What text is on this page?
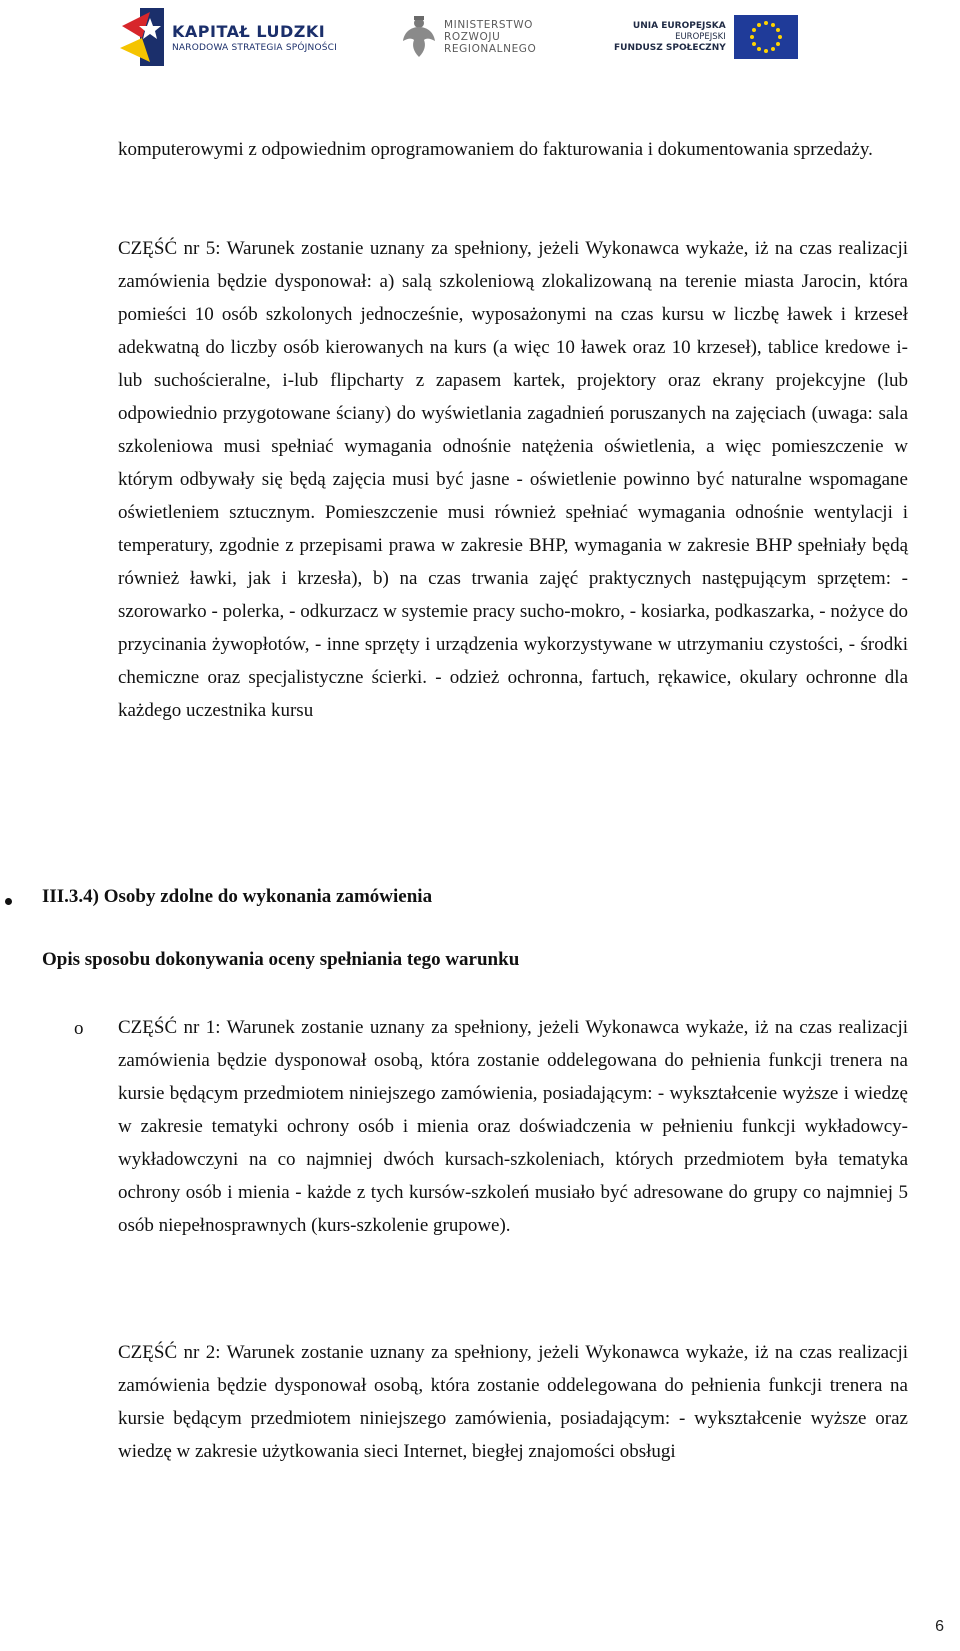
KAPITAŁ LUDZKI
NARODOWA STRATEGIA SPÓJNOŚCI
MINISTERSTWO
ROZWOJU
REGIONALNEGO
UNIA EUROPEJSKA
EUROPEJSKI
FUNDUSZ SPOŁECZNY
komputerowymi z odpowiednim oprogramowaniem do fakturowania i dokumentowania sprzedaży.
CZĘŚĆ nr 5: Warunek zostanie uznany za spełniony, jeżeli Wykonawca wykaże, iż na czas realizacji zamówienia będzie dysponował: a) salą szkoleniową zlokalizowaną na terenie miasta Jarocin, która pomieści 10 osób szkolonych jednocześnie, wyposażonymi na czas kursu w liczbę ławek i krzeseł adekwatną do liczby osób kierowanych na kurs (a więc 10 ławek oraz 10 krzeseł), tablice kredowe i-lub suchościeralne, i-lub flipcharty z zapasem kartek, projektory oraz ekrany projekcyjne (lub odpowiednio przygotowane ściany) do wyświetlania zagadnień poruszanych na zajęciach (uwaga: sala szkoleniowa musi spełniać wymagania odnośnie natężenia oświetlenia, a więc pomieszczenie w którym odbywały się będą zajęcia musi być jasne - oświetlenie powinno być naturalne wspomagane oświetleniem sztucznym. Pomieszczenie musi również spełniać wymagania odnośnie wentylacji i temperatury, zgodnie z przepisami prawa w zakresie BHP, wymagania w zakresie BHP spełniały będą również ławki, jak i krzesła), b) na czas trwania zajęć praktycznych następującym sprzętem: - szorowarko - polerka, - odkurzacz w systemie pracy sucho-mokro, - kosiarka, podkaszarka, - nożyce do przycinania żywopłotów, - inne sprzęty i urządzenia wykorzystywane w utrzymaniu czystości, - środki chemiczne oraz specjalistyczne ścierki. - odzież ochronna, fartuch, rękawice, okulary ochronne dla każdego uczestnika kursu
III.3.4) Osoby zdolne do wykonania zamówienia
Opis sposobu dokonywania oceny spełniania tego warunku
o CZĘŚĆ nr 1: Warunek zostanie uznany za spełniony, jeżeli Wykonawca wykaże, iż na czas realizacji zamówienia będzie dysponował osobą, która zostanie oddelegowana do pełnienia funkcji trenera na kursie będącym przedmiotem niniejszego zamówienia, posiadającym: - wykształcenie wyższe i wiedzę w zakresie tematyki ochrony osób i mienia oraz doświadczenia w pełnieniu funkcji wykładowcy-wykładowczyni na co najmniej dwóch kursach-szkoleniach, których przedmiotem była tematyka ochrony osób i mienia - każde z tych kursów-szkoleń musiało być adresowane do grupy co najmniej 5 osób niepełnosprawnych (kurs-szkolenie grupowe).
CZĘŚĆ nr 2: Warunek zostanie uznany za spełniony, jeżeli Wykonawca wykaże, iż na czas realizacji zamówienia będzie dysponował osobą, która zostanie oddelegowana do pełnienia funkcji trenera na kursie będącym przedmiotem niniejszego zamówienia, posiadającym: - wykształcenie wyższe oraz wiedzę w zakresie użytkowania sieci Internet, biegłej znajomości obsługi
6
